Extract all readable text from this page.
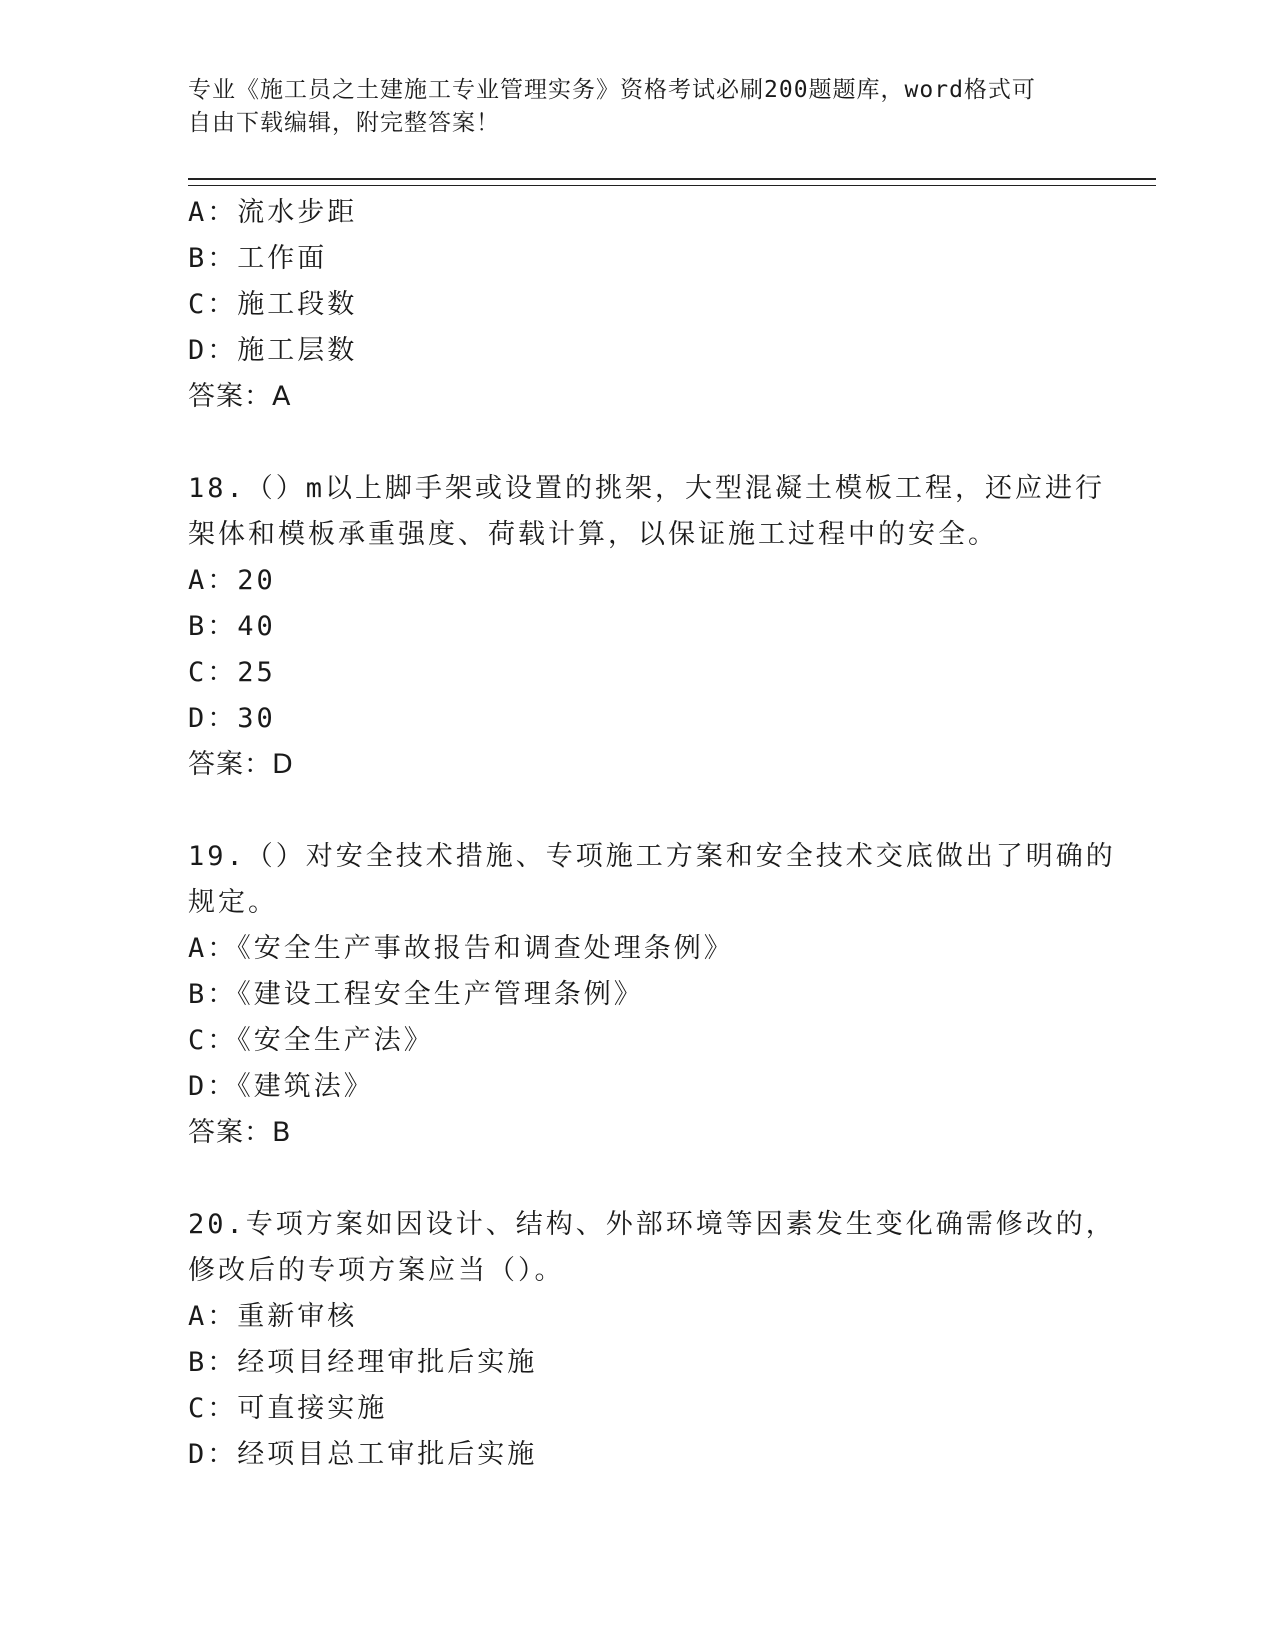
专业《施工员之土建施工专业管理实务》资格考试必刷200题题库，word格式可
自由下载编辑，附完整答案！
A：流水步距
B：工作面
C：施工段数
D：施工层数
答案：A
18.（）m以上脚手架或设置的挑架，大型混凝土模板工程，还应进行
架体和模板承重强度、荷载计算，以保证施工过程中的安全。
A：20
B：40
C：25
D：30
答案：D
19.（）对安全技术措施、专项施工方案和安全技术交底做出了明确的
规定。
A：《安全生产事故报告和调查处理条例》
B：《建设工程安全生产管理条例》
C：《安全生产法》
D：《建筑法》
答案：B
20.专项方案如因设计、结构、外部环境等因素发生变化确需修改的，
修改后的专项方案应当（）。
A：重新审核
B：经项目经理审批后实施
C：可直接实施
D：经项目总工审批后实施
